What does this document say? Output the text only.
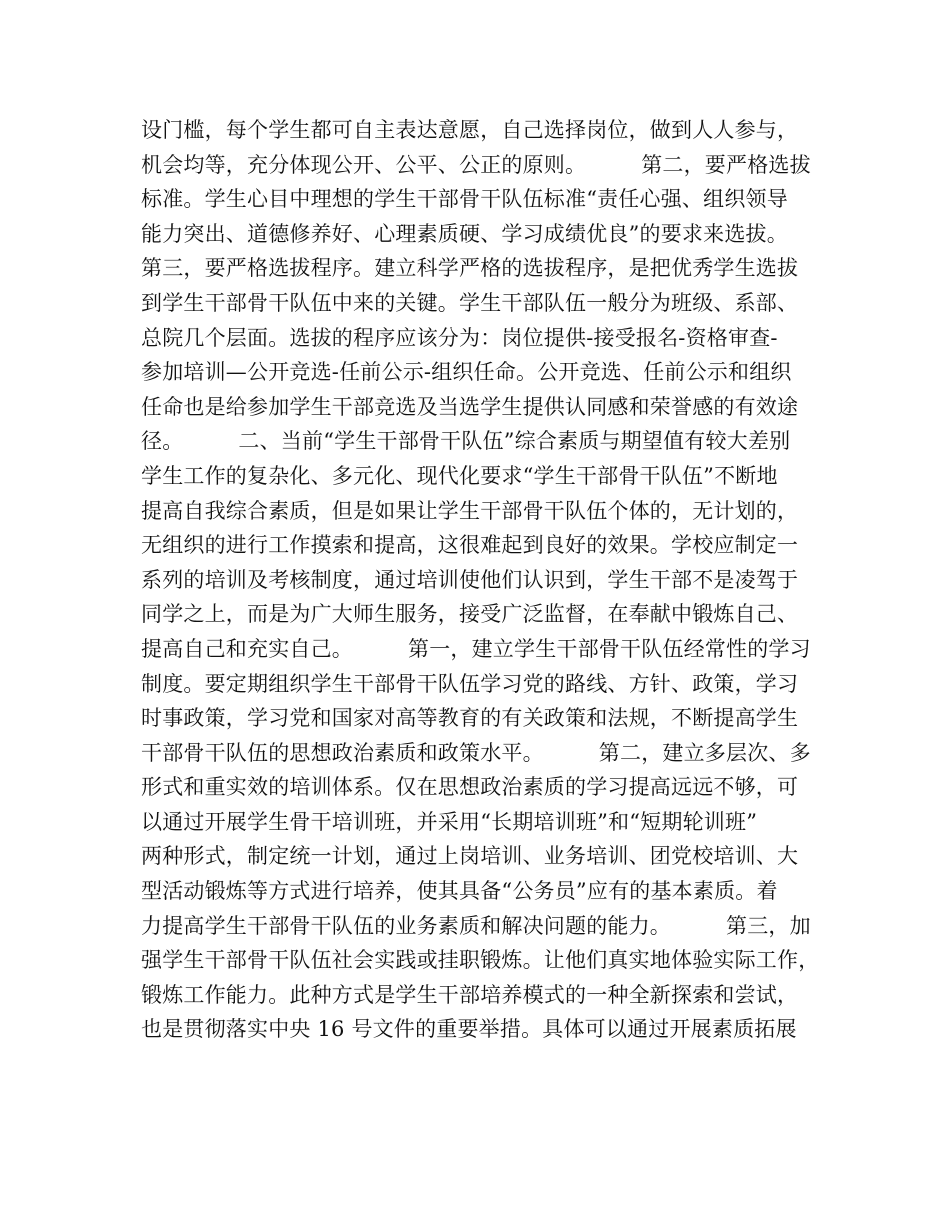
设门槛，每个学生都可自主表达意愿，自己选择岗位，做到人人参与，

机会均等，充分体现公开、公平、公正的原则。        第二，要严格选拔

标准。学生心目中理想的学生干部骨干队伍标准“责任心强、组织领导

能力突出、道德修养好、心理素质硬、学习成绩优良”的要求来选拔。

第三，要严格选拔程序。建立科学严格的选拔程序，是把优秀学生选拔

到学生干部骨干队伍中来的关键。学生干部队伍一般分为班级、系部、

总院几个层面。选拔的程序应该分为：岗位提供-接受报名-资格审查-

参加培训—公开竞选-任前公示-组织任命。公开竞选、任前公示和组织

任命也是给参加学生干部竞选及当选学生提供认同感和荣誉感的有效途

径。        二、当前“学生干部骨干队伍”综合素质与期望值有较大差别

学生工作的复杂化、多元化、现代化要求“学生干部骨干队伍”不断地

提高自我综合素质，但是如果让学生干部骨干队伍个体的，无计划的，

无组织的进行工作摸索和提高，这很难起到良好的效果。学校应制定一

系列的培训及考核制度，通过培训使他们认识到，学生干部不是凌驾于

同学之上，而是为广大师生服务，接受广泛监督，在奉献中锻炼自己、

提高自己和充实自己。        第一，建立学生干部骨干队伍经常性的学习

制度。要定期组织学生干部骨干队伍学习党的路线、方针、政策，学习

时事政策，学习党和国家对高等教育的有关政策和法规，不断提高学生

干部骨干队伍的思想政治素质和政策水平。        第二，建立多层次、多

形式和重实效的培训体系。仅在思想政治素质的学习提高远远不够，可

以通过开展学生骨干培训班，并采用“长期培训班”和“短期轮训班”

两种形式，制定统一计划，通过上岗培训、业务培训、团党校培训、大

型活动锻炼等方式进行培养，使其具备“公务员”应有的基本素质。着

力提高学生干部骨干队伍的业务素质和解决问题的能力。        第三，加

强学生干部骨干队伍社会实践或挂职锻炼。让他们真实地体验实际工作，

锻炼工作能力。此种方式是学生干部培养模式的一种全新探索和尝试，

也是贯彻落实中央 16 号文件的重要举措。具体可以通过开展素质拓展
